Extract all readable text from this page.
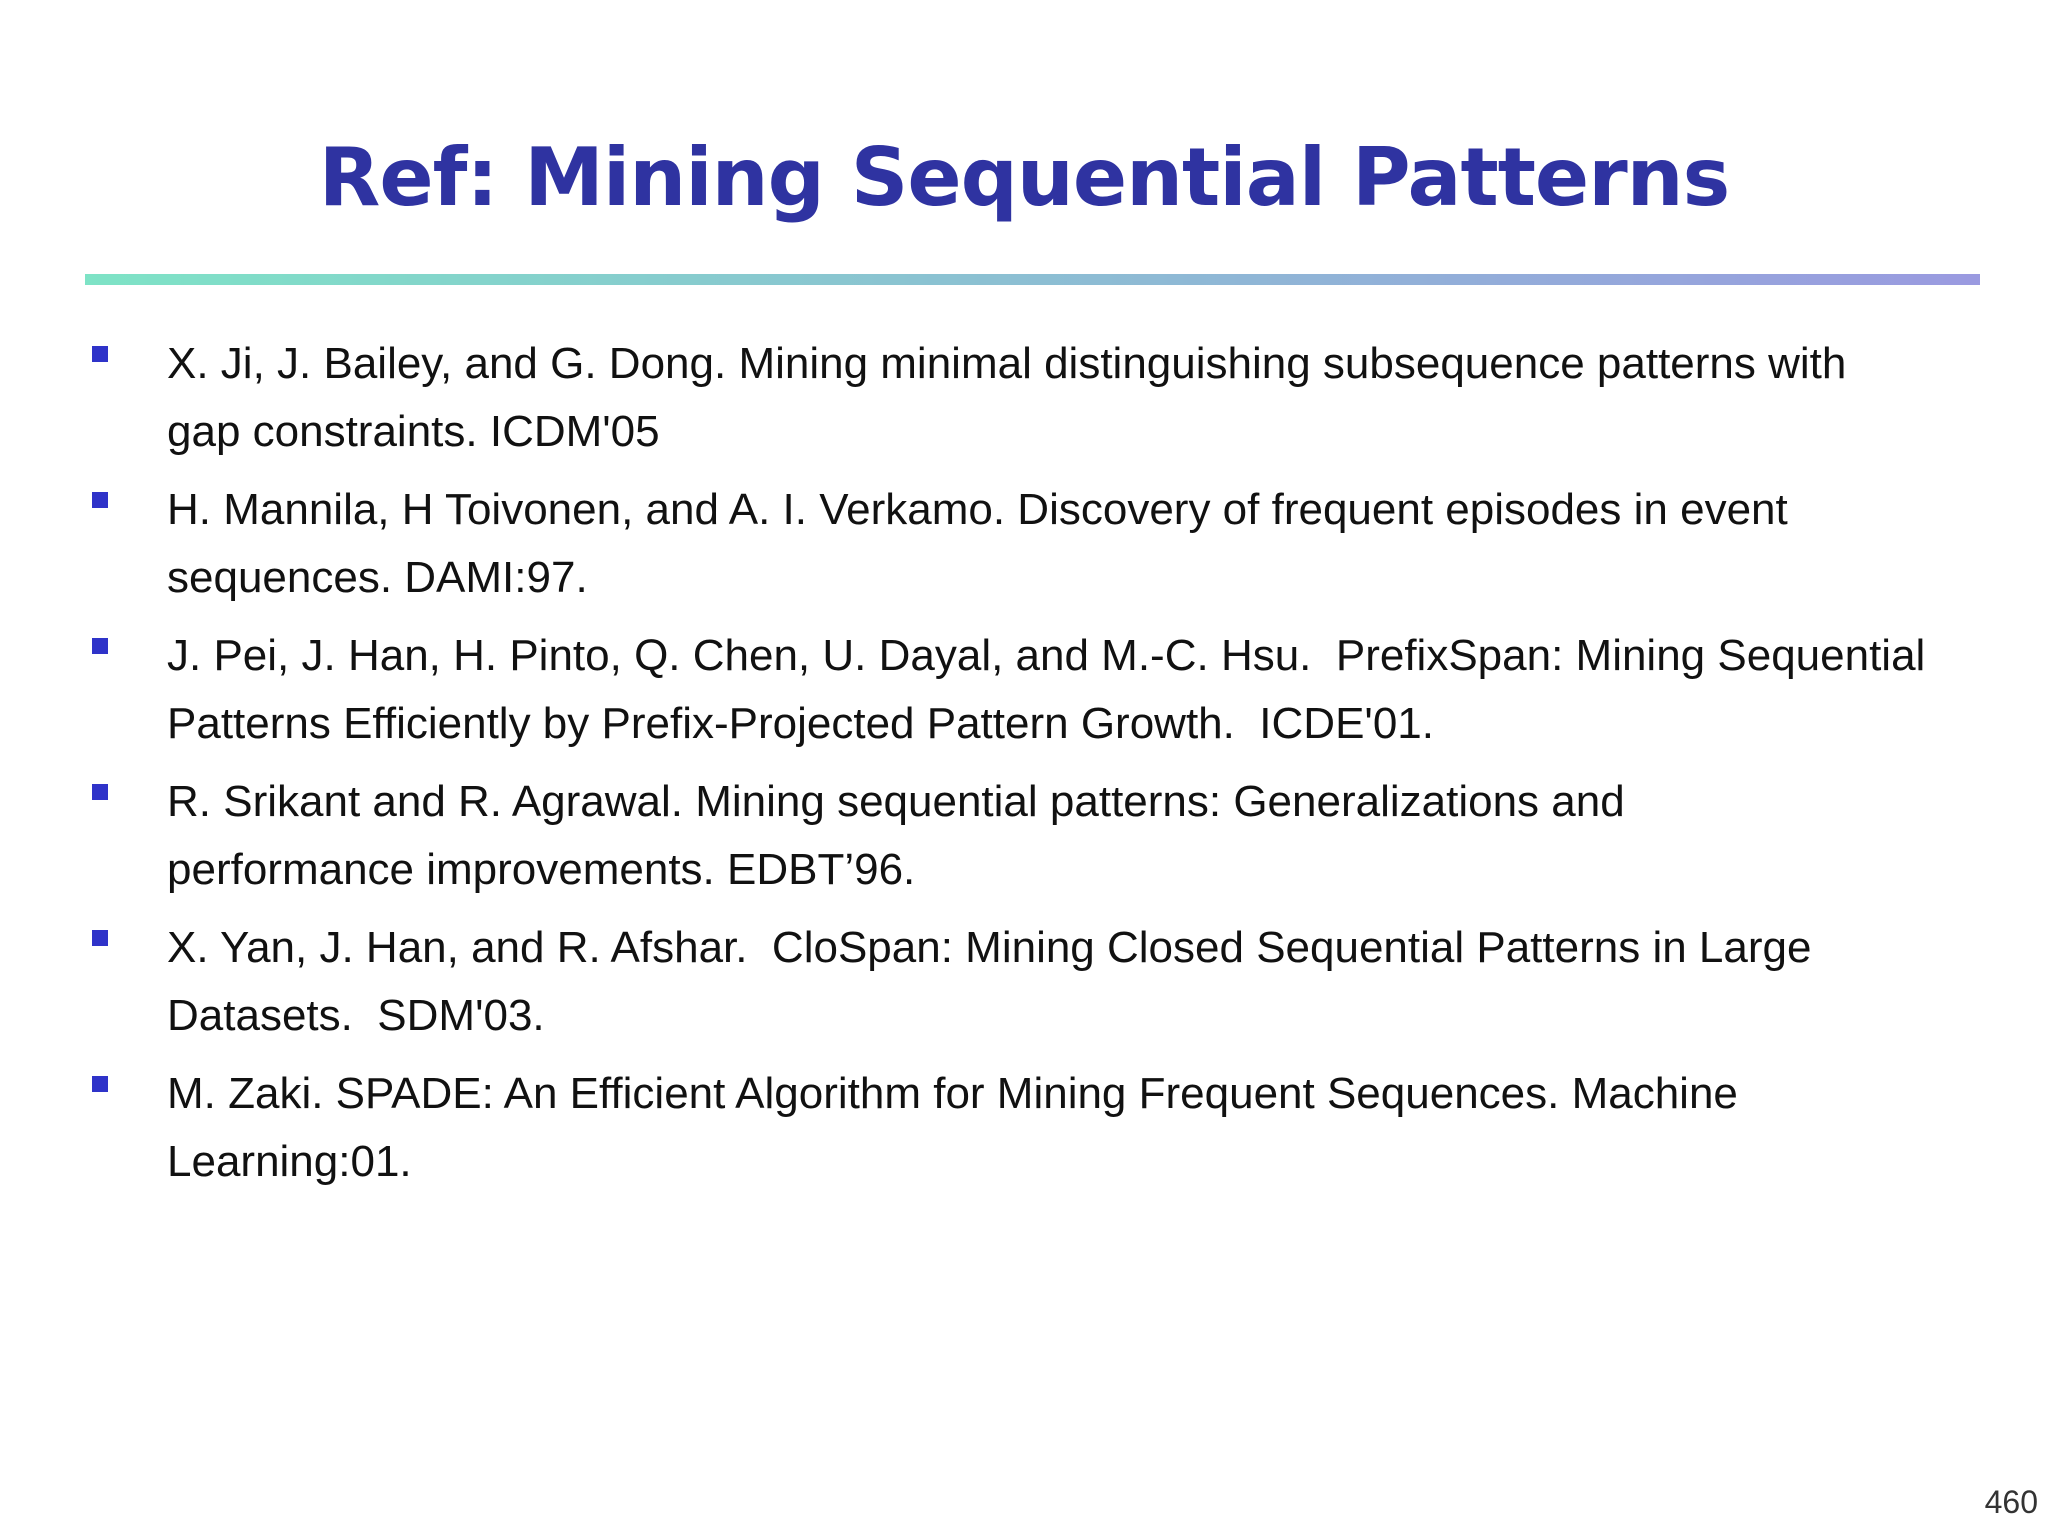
Ref: Mining Sequential Patterns
X. Ji, J. Bailey, and G. Dong. Mining minimal distinguishing subsequence patterns with
gap constraints. ICDM'05
H. Mannila, H Toivonen, and A. I. Verkamo. Discovery of frequent episodes in event
sequences. DAMI:97.
J. Pei, J. Han, H. Pinto, Q. Chen, U. Dayal, and M.-C. Hsu.  PrefixSpan: Mining Sequential
Patterns Efficiently by Prefix-Projected Pattern Growth.  ICDE'01.
R. Srikant and R. Agrawal. Mining sequential patterns: Generalizations and
performance improvements. EDBT’96.
X. Yan, J. Han, and R. Afshar.  CloSpan: Mining Closed Sequential Patterns in Large
Datasets.  SDM'03.
M. Zaki. SPADE: An Efficient Algorithm for Mining Frequent Sequences. Machine
Learning:01.
460
